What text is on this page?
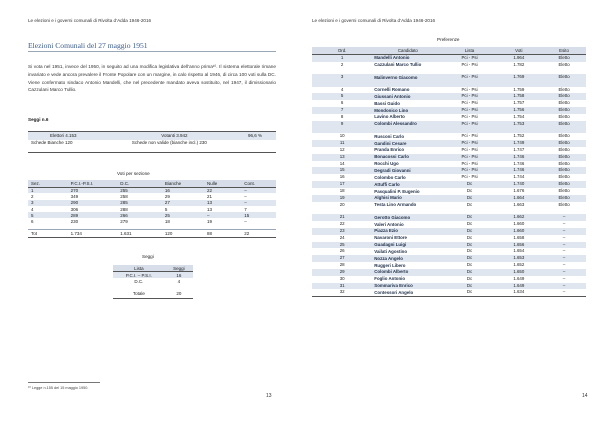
Le elezioni e i governi comunali di Rivolta d’Adda 1946-2016
Elezioni Comunali del 27 maggio 1951

Si vota nel 1951, invece del 1950, in seguito ad una modifica legislativa dell’anno prima¹⁰. Il sistema elettorale rimane invariato e vede ancora prevalere il Fronte Popolare con un margine, in calo rispetto al 1946, di circa 100 voti sulla DC. Viene confermato sindaco Antonio Mandelli, che nel precedente mandato aveva sostituito, nel 1947, il dimissionario Cazzulani Marco Tullio.

Seggi n.6
Elettori 4.153	Votanti 3.942	96,6 %
Schede Bianche 120	Schede non valide (bianche incl.) 230	
Voti per sezione
Sez.	P.C.I.-P.S.I.	D.C.	Bianche	Nulle	Cont.
1	270	255	16	22	–
2	349	258	29	21	–
3	290	285	27	13	–
4	306	288	5	13	7
5	289	266	25	–	15
6	230	279	18	19	–

Tot	1.734	1.631	120	88	22
Seggi
Lista	Seggi
P.C.I. – P.S.I.	16
D.C.	4

Totale	20
¹⁰ Legge n.155 del 15 maggio 1950.
13
Le elezioni e i governi comunali di Rivolta d’Adda 1946-2016
Preferenze
Ord.	Candidato	Lista	Voti	Esito
1	Mandelli Antonio	Pci - Psi	1.964	Eletto
2	Cazzulani Marco Tullio	Pci - Psi	1.782	Eletto
3	Malinverno Giacomo	Pci - Psi	1.769	Eletto
4	Cornelli Romano	Pci - Psi	1.759	Eletto
5	Giussani Antonio	Pci - Psi	1.758	Eletto
6	Bassi Guido	Pci - Psi	1.757	Eletto
7	Mondonico Lino	Pci - Psi	1.756	Eletto
8	Lavino Alberto	Pci - Psi	1.754	Eletto
9	Colombi Alessandro	Pci - Psi	1.753	Eletto
10	Rusconi Carlo	Pci - Psi	1.752	Eletto
11	Gandini Cesare	Pci - Psi	1.749	Eletto
12	Pranda Enrico	Pci - Psi	1.747	Eletto
13	Bonacossi Carlo	Pci - Psi	1.746	Eletto
14	Rocchi Ugo	Pci - Psi	1.746	Eletto
15	Degradi Giovanni	Pci - Psi	1.746	Eletto
16	Colombo Carlo	Pci - Psi	1.744	Eletto
17	Attuffi Carlo	Dc	1.740	Eletto
18	Pasqualini P. Eugenio	Dc	1.676	Eletto
19	Alghisi Mario	Dc	1.664	Eletto
20	Testa Lino Armando	Dc	1.663	Eletto
21	Gerotto Giacomo	Dc	1.662	–
22	Valeri Antonio	Dc	1.660	–
23	Piazza Ezio	Dc	1.660	–
24	Navaroni Ettore	Dc	1.658	–
25	Guadagni Luigi	Dc	1.656	–
26	Vailati Agostino	Dc	1.654	–
27	Nozza Angelo	Dc	1.653	–
28	Ruggeri Libero	Dc	1.652	–
29	Colombi Alberto	Dc	1.650	–
30	Foglio Antonio	Dc	1.649	–
31	Sommariva Enrico	Dc	1.649	–
32	Contessori Angelo	Dc	1.634	–
14
